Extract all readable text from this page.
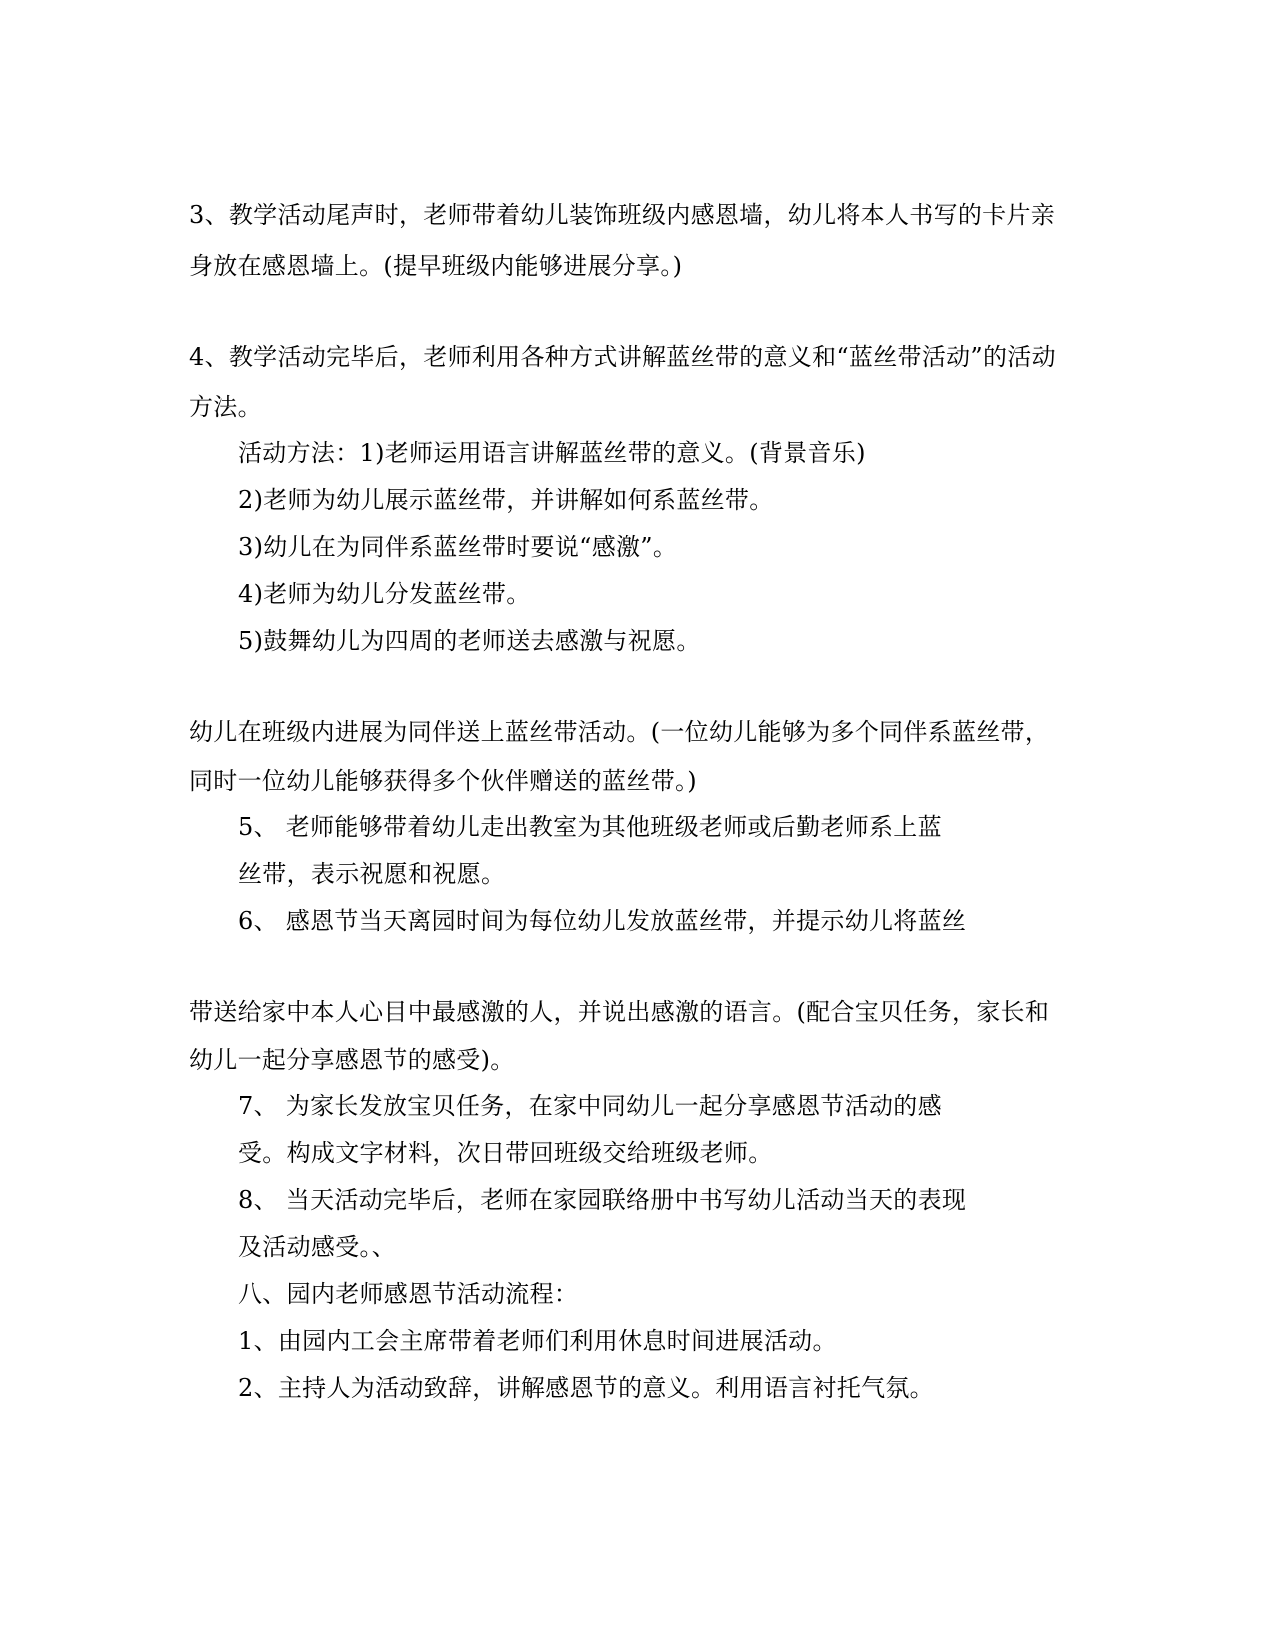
3、教学活动尾声时，老师带着幼儿装饰班级内感恩墙，幼儿将本人书写的卡片亲
身放在感恩墙上。(提早班级内能够进展分享。)
4、教学活动完毕后，老师利用各种方式讲解蓝丝带的意义和“蓝丝带活动”的活动
方法。
活动方法：1)老师运用语言讲解蓝丝带的意义。(背景音乐)
2)老师为幼儿展示蓝丝带，并讲解如何系蓝丝带。
3)幼儿在为同伴系蓝丝带时要说“感激”。
4)老师为幼儿分发蓝丝带。
5)鼓舞幼儿为四周的老师送去感激与祝愿。
幼儿在班级内进展为同伴送上蓝丝带活动。(一位幼儿能够为多个同伴系蓝丝带，
同时一位幼儿能够获得多个伙伴赠送的蓝丝带。)
5、 老师能够带着幼儿走出教室为其他班级老师或后勤老师系上蓝
丝带，表示祝愿和祝愿。
6、 感恩节当天离园时间为每位幼儿发放蓝丝带，并提示幼儿将蓝丝
带送给家中本人心目中最感激的人，并说出感激的语言。(配合宝贝任务，家长和
幼儿一起分享感恩节的感受)。
7、 为家长发放宝贝任务，在家中同幼儿一起分享感恩节活动的感
受。构成文字材料，次日带回班级交给班级老师。
8、 当天活动完毕后，老师在家园联络册中书写幼儿活动当天的表现
及活动感受。、
八、园内老师感恩节活动流程：
1、由园内工会主席带着老师们利用休息时间进展活动。
2、主持人为活动致辞，讲解感恩节的意义。利用语言衬托气氛。
